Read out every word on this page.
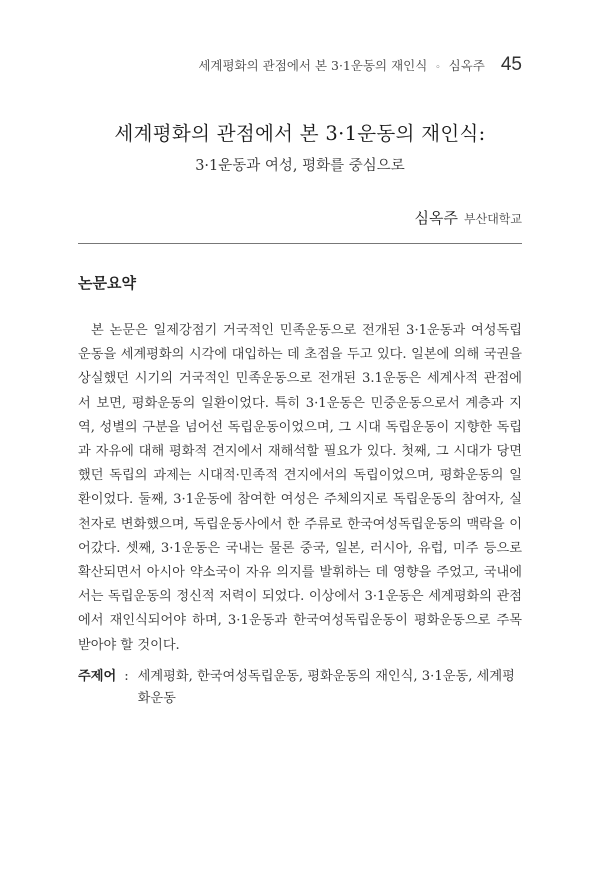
세계평화의 관점에서 본 3·1운동의 재인식 ◦ 심옥주 45
세계평화의 관점에서 본 3·1운동의 재인식:
3·1운동과 여성, 평화를 중심으로
심옥주 부산대학교
논문요약

본 논문은 일제강점기 거국적인 민족운동으로 전개된 3·1운동과 여성독립운동을 세계평화의 시각에 대입하는 데 초점을 두고 있다. 일본에 의해 국권을 상실했던 시기의 거국적인 민족운동으로 전개된 3.1운동은 세계사적 관점에서 보면, 평화운동의 일환이었다. 특히 3·1운동은 민중운동으로서 계층과 지역, 성별의 구분을 넘어선 독립운동이었으며, 그 시대 독립운동이 지향한 독립과 자유에 대해 평화적 견지에서 재해석할 필요가 있다. 첫째, 그 시대가 당면했던 독립의 과제는 시대적·민족적 견지에서의 독립이었으며, 평화운동의 일환이었다. 둘째, 3·1운동에 참여한 여성은 주체의지로 독립운동의 참여자, 실천자로 변화했으며, 독립운동사에서 한 주류로 한국여성독립운동의 맥락을 이어갔다. 셋째, 3·1운동은 국내는 물론 중국, 일본, 러시아, 유럽, 미주 등으로 확산되면서 아시아 약소국이 자유 의지를 발휘하는 데 영향을 주었고, 국내에서는 독립운동의 정신적 저력이 되었다. 이상에서 3·1운동은 세계평화의 관점에서 재인식되어야 하며, 3·1운동과 한국여성독립운동이 평화운동으로 주목받아야 할 것이다.

주제어 : 세계평화, 한국여성독립운동, 평화운동의 재인식, 3·1운동, 세계평화운동
